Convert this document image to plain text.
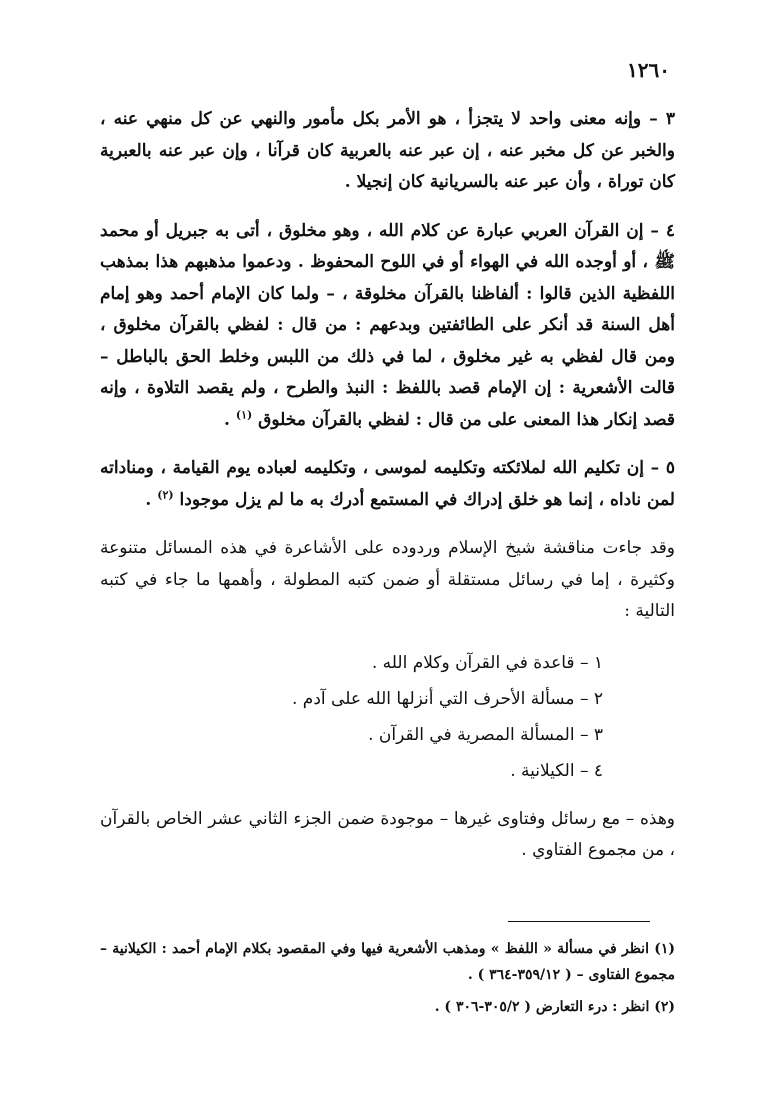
١٢٦٠

٣ – وإنه معنى واحد لا يتجزأ ، هو الأمر بكل مأمور والنهي عن كل منهي عنه ، والخبر عن كل مخبر عنه ، إن عبر عنه بالعربية كان قرآنا ، وإن عبر عنه بالعبرية كان توراة ، وأن عبر عنه بالسريانية كان إنجيلا .

٤ – إن القرآن العربي عبارة عن كلام الله ، وهو مخلوق ، أتى به جبريل أو محمد ﷺ ، أو أوجده الله في الهواء أو في اللوح المحفوظ . ودعموا مذهبهم هذا بمذهب اللفظية الذين قالوا : ألفاظنا بالقرآن مخلوقة ، – ولما كان الإمام أحمد وهو إمام أهل السنة قد أنكر على الطائفتين وبدعهم : من قال : لفظي بالقرآن مخلوق ، ومن قال لفظي به غير مخلوق ، لما في ذلك من اللبس وخلط الحق بالباطل – قالت الأشعرية : إن الإمام قصد باللفظ : النبذ والطرح ، ولم يقصد التلاوة ، وإنه قصد إنكار هذا المعنى على من قال : لفظي بالقرآن مخلوق $^{(١)}$ .

٥ – إن تكليم الله لملائكته وتكليمه لموسى ، وتكليمه لعباده يوم القيامة ، ومناداته لمن ناداه ، إنما هو خلق إدراك في المستمع أدرك به ما لم يزل موجودا $^{(٢)}$ .

وقد جاءت مناقشة شيخ الإسلام وردوده على الأشاعرة في هذه المسائل متنوعة وكثيرة ، إما في رسائل مستقلة أو ضمن كتبه المطولة ، وأهمها ما جاء في كتبه التالية :

١ – قاعدة في القرآن وكلام الله .
٢ – مسألة الأحرف التي أنزلها الله على آدم .
٣ – المسألة المصرية في القرآن .
٤ – الكيلانية .

وهذه – مع رسائل وفتاوى غيرها – موجودة ضمن الجزء الثاني عشر الخاص بالقرآن ، من مجموع الفتاوي .

(١) انظر في مسألة « اللفظ » ومذهب الأشعرية فيها وفي المقصود بكلام الإمام أحمد : الكيلانية – مجموع الفتاوى – ( ٣٥٩/١٢-٣٦٤ ) .

(٢) انظر : درء التعارض ( ٣٠٥/٢-٣٠٦ ) .
